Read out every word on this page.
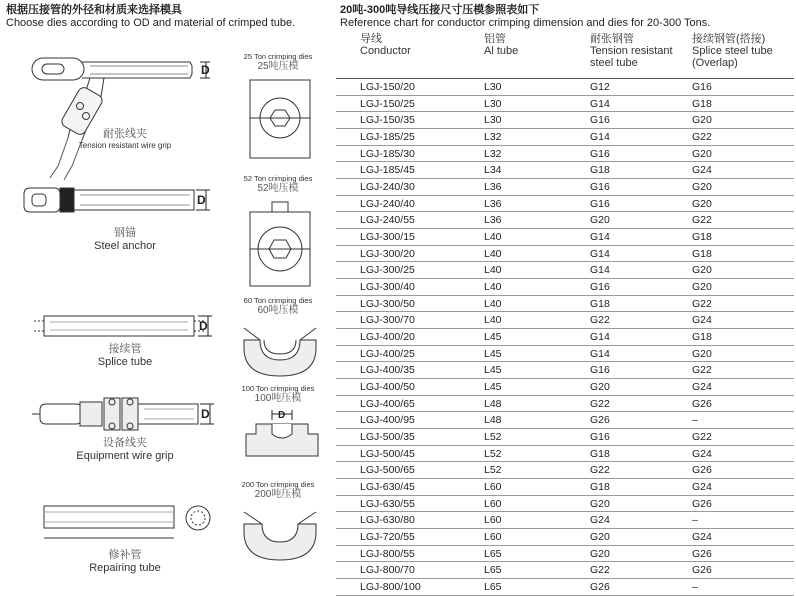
根据压接管的外径和材质来选择模具
Choose dies according to OD and material of crimped tube.
20吨-300吨导线压接尺寸压模参照表如下
Reference chart for conductor crimping dimension and dies for 20-300 Tons.
D
耐张线夹
Tension resistant wire grip
D
钢锚
Steel anchor
D
接续管
Splice tube
D
设备线夹
Equipment wire grip
修补管
Repairing tube
25 Ton crimping dies
25吨压模
52 Ton crimping dies
52吨压模
60 Ton crimping dies
60吨压模
100 Ton crimping dies
100吨压模
D
200 Ton crimping dies
200吨压模
导线
Conductor
铝管
Al tube
耐张钢管
Tension resistant steel tube
接续钢管(搭接)
Splice steel tube (Overlap)
LGJ-150/20	L30	G12	G16
LGJ-150/25	L30	G14	G18
LGJ-150/35	L30	G16	G20
LGJ-185/25	L32	G14	G22
LGJ-185/30	L32	G16	G20
LGJ-185/45	L34	G18	G24
LGJ-240/30	L36	G16	G20
LGJ-240/40	L36	G16	G20
LGJ-240/55	L36	G20	G22
LGJ-300/15	L40	G14	G18
LGJ-300/20	L40	G14	G18
LGJ-300/25	L40	G14	G20
LGJ-300/40	L40	G16	G20
LGJ-300/50	L40	G18	G22
LGJ-300/70	L40	G22	G24
LGJ-400/20	L45	G14	G18
LGJ-400/25	L45	G14	G20
LGJ-400/35	L45	G16	G22
LGJ-400/50	L45	G20	G24
LGJ-400/65	L48	G22	G26
LGJ-400/95	L48	G26	–
LGJ-500/35	L52	G16	G22
LGJ-500/45	L52	G18	G24
LGJ-500/65	L52	G22	G26
LGJ-630/45	L60	G18	G24
LGJ-630/55	L60	G20	G26
LGJ-630/80	L60	G24	–
LGJ-720/55	L60	G20	G24
LGJ-800/55	L65	G20	G26
LGJ-800/70	L65	G22	G26
LGJ-800/100	L65	G26	–
